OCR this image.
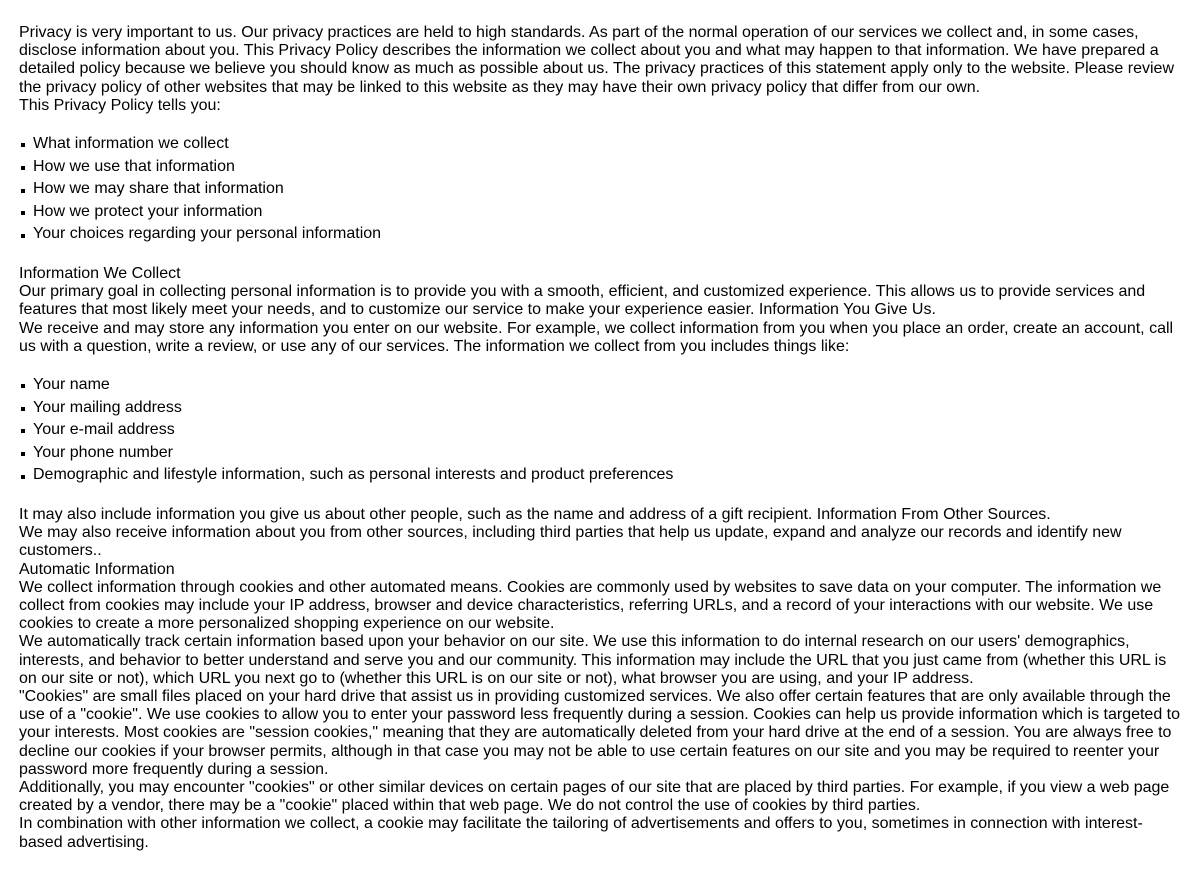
Privacy is very important to us. Our privacy practices are held to high standards. As part of the normal operation of our services we collect and, in some cases, disclose information about you. This Privacy Policy describes the information we collect about you and what may happen to that information. We have prepared a detailed policy because we believe you should know as much as possible about us. The privacy practices of this statement apply only to the website. Please review the privacy policy of other websites that may be linked to this website as they may have their own privacy policy that differ from our own.

This Privacy Policy tells you:

What information we collect
How we use that information
How we may share that information
How we protect your information
Your choices regarding your personal information

Information We Collect

Our primary goal in collecting personal information is to provide you with a smooth, efficient, and customized experience. This allows us to provide services and features that most likely meet your needs, and to customize our service to make your experience easier. Information You Give Us.

We receive and may store any information you enter on our website. For example, we collect information from you when you place an order, create an account, call us with a question, write a review, or use any of our services. The information we collect from you includes things like:

Your name
Your mailing address
Your e-mail address
Your phone number
Demographic and lifestyle information, such as personal interests and product preferences

It may also include information you give us about other people, such as the name and address of a gift recipient. Information From Other Sources.

We may also receive information about you from other sources, including third parties that help us update, expand and analyze our records and identify new customers..

Automatic Information

We collect information through cookies and other automated means. Cookies are commonly used by websites to save data on your computer. The information we collect from cookies may include your IP address, browser and device characteristics, referring URLs, and a record of your interactions with our website. We use cookies to create a more personalized shopping experience on our website.

We automatically track certain information based upon your behavior on our site. We use this information to do internal research on our users' demographics, interests, and behavior to better understand and serve you and our community. This information may include the URL that you just came from (whether this URL is on our site or not), which URL you next go to (whether this URL is on our site or not), what browser you are using, and your IP address.

"Cookies" are small files placed on your hard drive that assist us in providing customized services. We also offer certain features that are only available through the use of a "cookie". We use cookies to allow you to enter your password less frequently during a session. Cookies can help us provide information which is targeted to your interests. Most cookies are "session cookies," meaning that they are automatically deleted from your hard drive at the end of a session. You are always free to decline our cookies if your browser permits, although in that case you may not be able to use certain features on our site and you may be required to reenter your password more frequently during a session.

Additionally, you may encounter "cookies" or other similar devices on certain pages of our site that are placed by third parties. For example, if you view a web page created by a vendor, there may be a "cookie" placed within that web page. We do not control the use of cookies by third parties.

In combination with other information we collect, a cookie may facilitate the tailoring of advertisements and offers to you, sometimes in connection with interest-based advertising.
